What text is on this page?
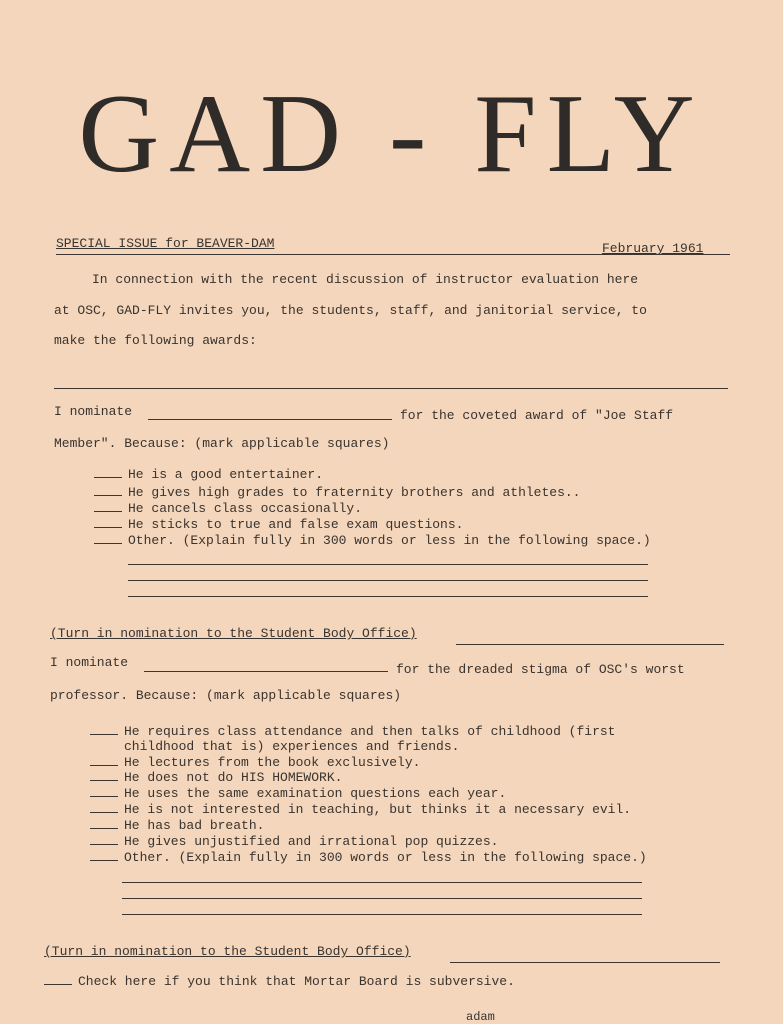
GAD - FLY
SPECIAL ISSUE for BEAVER-DAM	February 1961
In connection with the recent discussion of instructor evaluation here
at OSC, GAD-FLY invites you, the students, staff, and janitorial service, to
make the following awards:
I nominate	for the coveted award of "Joe Staff
Member". Because: (mark applicable squares)
He is a good entertainer.
He gives high grades to fraternity brothers and athletes..
He cancels class occasionally.
He sticks to true and false exam questions.
Other. (Explain fully in 300 words or less in the following space.)
(Turn in nomination to the Student Body Office)
I nominate	for the dreaded stigma of OSC's worst
professor. Because: (mark applicable squares)
He requires class attendance and then talks of childhood (first
childhood that is) experiences and friends.
He lectures from the book exclusively.
He does not do HIS HOMEWORK.
He uses the same examination questions each year.
He is not interested in teaching, but thinks it a necessary evil.
He has bad breath.
He gives unjustified and irrational pop quizzes.
Other. (Explain fully in 300 words or less in the following space.)
(Turn in nomination to the Student Body Office)
Check here if you think that Mortar Board is subversive.
adam
